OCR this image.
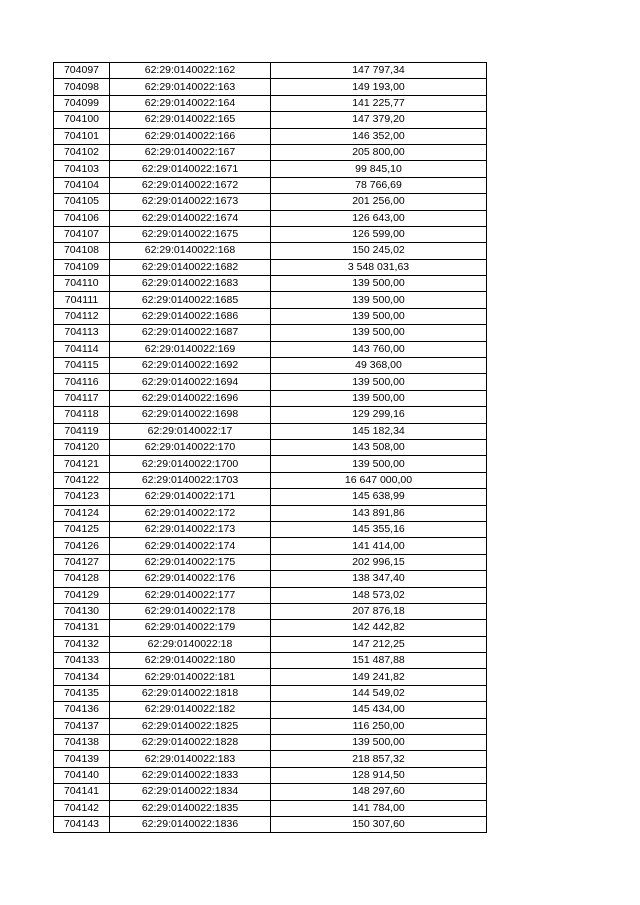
704097	62:29:0140022:162	147 797,34
704098	62:29:0140022:163	149 193,00
704099	62:29:0140022:164	141 225,77
704100	62:29:0140022:165	147 379,20
704101	62:29:0140022:166	146 352,00
704102	62:29:0140022:167	205 800,00
704103	62:29:0140022:1671	99 845,10
704104	62:29:0140022:1672	78 766,69
704105	62:29:0140022:1673	201 256,00
704106	62:29:0140022:1674	126 643,00
704107	62:29:0140022:1675	126 599,00
704108	62:29:0140022:168	150 245,02
704109	62:29:0140022:1682	3 548 031,63
704110	62:29:0140022:1683	139 500,00
704111	62:29:0140022:1685	139 500,00
704112	62:29:0140022:1686	139 500,00
704113	62:29:0140022:1687	139 500,00
704114	62:29:0140022:169	143 760,00
704115	62:29:0140022:1692	49 368,00
704116	62:29:0140022:1694	139 500,00
704117	62:29:0140022:1696	139 500,00
704118	62:29:0140022:1698	129 299,16
704119	62:29:0140022:17	145 182,34
704120	62:29:0140022:170	143 508,00
704121	62:29:0140022:1700	139 500,00
704122	62:29:0140022:1703	16 647 000,00
704123	62:29:0140022:171	145 638,99
704124	62:29:0140022:172	143 891,86
704125	62:29:0140022:173	145 355,16
704126	62:29:0140022:174	141 414,00
704127	62:29:0140022:175	202 996,15
704128	62:29:0140022:176	138 347,40
704129	62:29:0140022:177	148 573,02
704130	62:29:0140022:178	207 876,18
704131	62:29:0140022:179	142 442,82
704132	62:29:0140022:18	147 212,25
704133	62:29:0140022:180	151 487,88
704134	62:29:0140022:181	149 241,82
704135	62:29:0140022:1818	144 549,02
704136	62:29:0140022:182	145 434,00
704137	62:29:0140022:1825	116 250,00
704138	62:29:0140022:1828	139 500,00
704139	62:29:0140022:183	218 857,32
704140	62:29:0140022:1833	128 914,50
704141	62:29:0140022:1834	148 297,60
704142	62:29:0140022:1835	141 784,00
704143	62:29:0140022:1836	150 307,60
